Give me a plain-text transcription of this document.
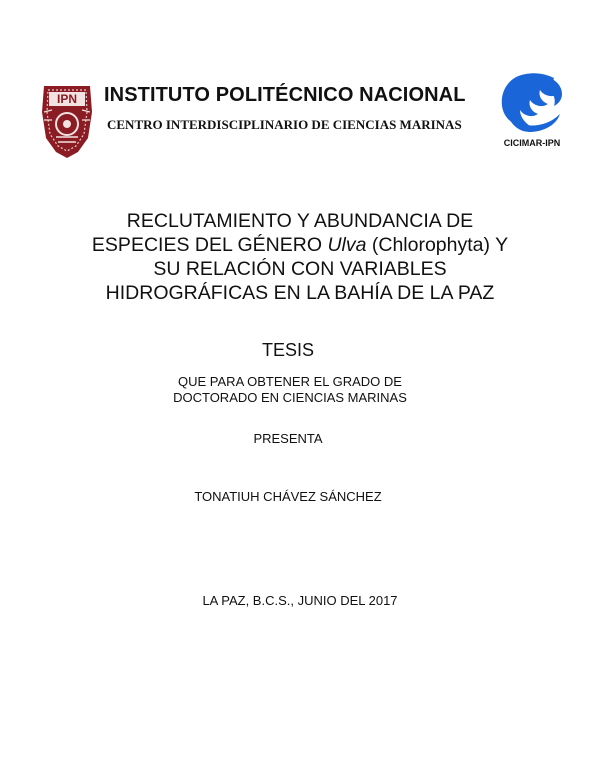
IPN
CICIMAR-IPN
INSTITUTO POLITÉCNICO NACIONAL
CENTRO INTERDISCIPLINARIO DE CIENCIAS MARINAS
RECLUTAMIENTO Y ABUNDANCIA DE
ESPECIES DEL GÉNERO Ulva (Chlorophyta) Y
SU RELACIÓN CON VARIABLES
HIDROGRÁFICAS EN LA BAHÍA DE LA PAZ
TESIS
QUE PARA OBTENER EL GRADO DE
DOCTORADO EN CIENCIAS MARINAS
PRESENTA
TONATIUH CHÁVEZ SÁNCHEZ
LA PAZ, B.C.S., JUNIO DEL 2017
